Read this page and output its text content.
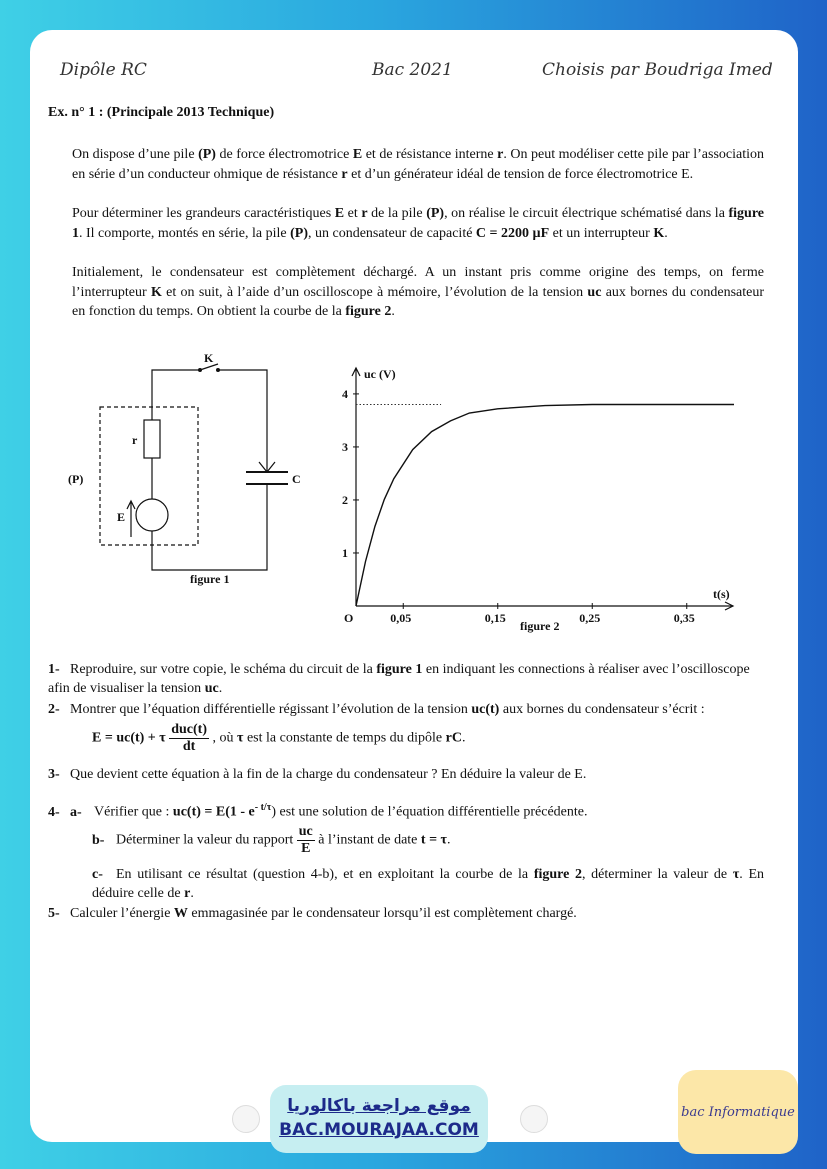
Dipôle RC	Bac 2021	Choisis par Boudriga Imed
Ex. n° 1 : (Principale 2013 Technique)

On dispose d’une pile (P) de force électromotrice E et de résistance interne r. On peut modéliser cette pile par l’association en série d’un conducteur ohmique de résistance r et d’un générateur idéal de tension de force électromotrice E.

Pour déterminer les grandeurs caractéristiques E et r de la pile (P), on réalise le circuit électrique schématisé dans la figure 1. Il comporte, montés en série, la pile (P), un condensateur de capacité C = 2200 µF et un interrupteur K.

Initialement, le condensateur est complètement déchargé. A un instant pris comme origine des temps, on ferme l’interrupteur K et on suit, à l’aide d’un oscilloscope à mémoire, l’évolution de la tension uc aux bornes du condensateur en fonction du temps. On obtient la courbe de la figure 2.

K
r
(P)
E
C
figure 1
uc (V)
t(s)
O
1
2
3
4
0,05	0,15	0,25	0,35
figure 2
1- Reproduire, sur votre copie, le schéma du circuit de la figure 1 en indiquant les connections à réaliser avec l’oscilloscope afin de visualiser la tension uc.
2- Montrer que l’équation différentielle régissant l’évolution de la tension uc(t) aux bornes du condensateur s’écrit :
E = uc(t) + τ $\frac{\text{duc(t)}}{dt}$ , où τ est la constante de temps du dipôle rC.
3- Que devient cette équation à la fin de la charge du condensateur ? En déduire la valeur de E.
4- a- Vérifier que : $uc(t) = E(1 - e^{- t/\tau})$ est une solution de l’équation différentielle précédente.
b- Déterminer la valeur du rapport $\frac{uc}{E}$ à l’instant de date t = τ.
c- En utilisant ce résultat (question 4-b), et en exploitant la courbe de la figure 2, déterminer la valeur de τ. En déduire celle de r.
5- Calculer l’énergie W emmagasinée par le condensateur lorsqu’il est complètement chargé.
موقع مراجعة باكالوريا
BAC.MOURAJAA.COM
bac Informatique
